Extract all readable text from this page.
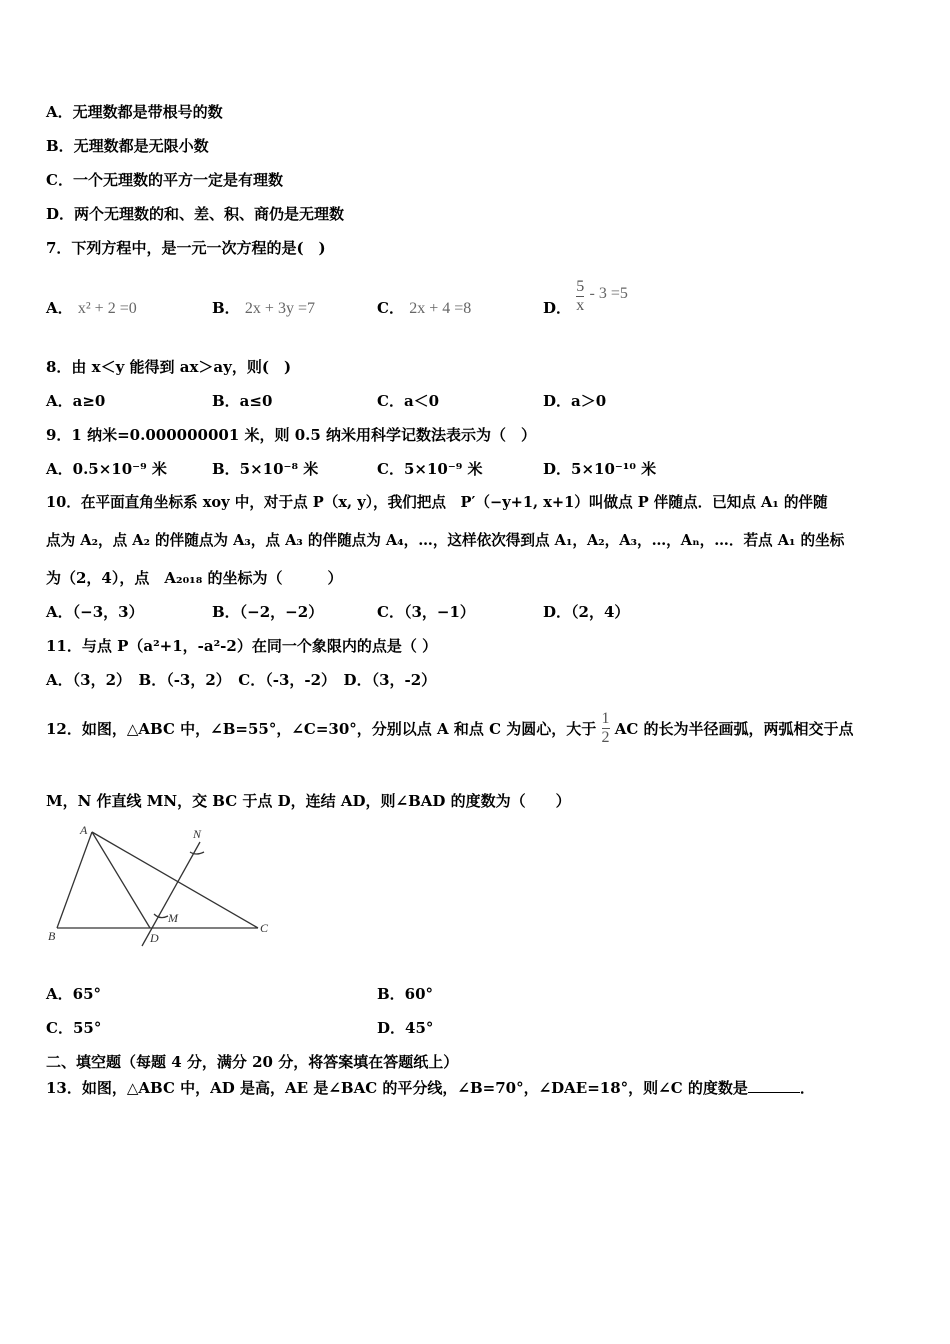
A．无理数都是带根号的数
B．无理数都是无限小数
C．一个无理数的平方一定是有理数
D．两个无理数的和、差、积、商仍是无理数
7．下列方程中，是一元一次方程的是(　)
A． x² + 2 =0	B． 2x + 3y =7	C． 2x + 4 =8	D． $\frac{5}{x} - 3 =5$
8．由 x＜y 能得到 ax＞ay，则(　)
A．a≥0	B．a≤0	C．a＜0	D．a＞0
9．1 纳米=0.000000001 米，则 0.5 纳米用科学记数法表示为（　）
A．0.5×10⁻⁹ 米	B．5×10⁻⁸ 米	C．5×10⁻⁹ 米	D．5×10⁻¹⁰ 米
10．在平面直角坐标系 xoy 中，对于点 P（x, y），我们把点　P′（−y+1, x+1）叫做点 P 伴随点．已知点 A₁ 的伴随
点为 A₂，点 A₂ 的伴随点为 A₃，点 A₃ 的伴随点为 A₄，…，这样依次得到点 A₁，A₂，A₃，…，Aₙ，…．若点 A₁ 的坐标
为（2，4），点　A₂₀₁₈ 的坐标为（　　　）
A．（−3，3）	B．（−2，−2）	C．（3，−1）	D．（2，4）
11．与点 P（a²+1，-a²-2）在同一个象限内的点是（ ）
A．（3，2）　B．（-3，2）　C．（-3，-2）　D．（3，-2）
12．如图，△ABC 中，∠B=55°，∠C=30°，分别以点 A 和点 C 为圆心，大于 $\frac{1}{2}$ AC 的长为半径画弧，两弧相交于点
M，N 作直线 MN，交 BC 于点 D，连结 AD，则∠BAD 的度数为（　　）
A
B
C
D
M
N
A．65°	B．60°
C．55°	D．45°
二、填空题（每题 4 分，满分 20 分，将答案填在答题纸上）
13．如图，△ABC 中，AD 是高，AE 是∠BAC 的平分线，∠B=70°，∠DAE=18°，则∠C 的度数是	．
